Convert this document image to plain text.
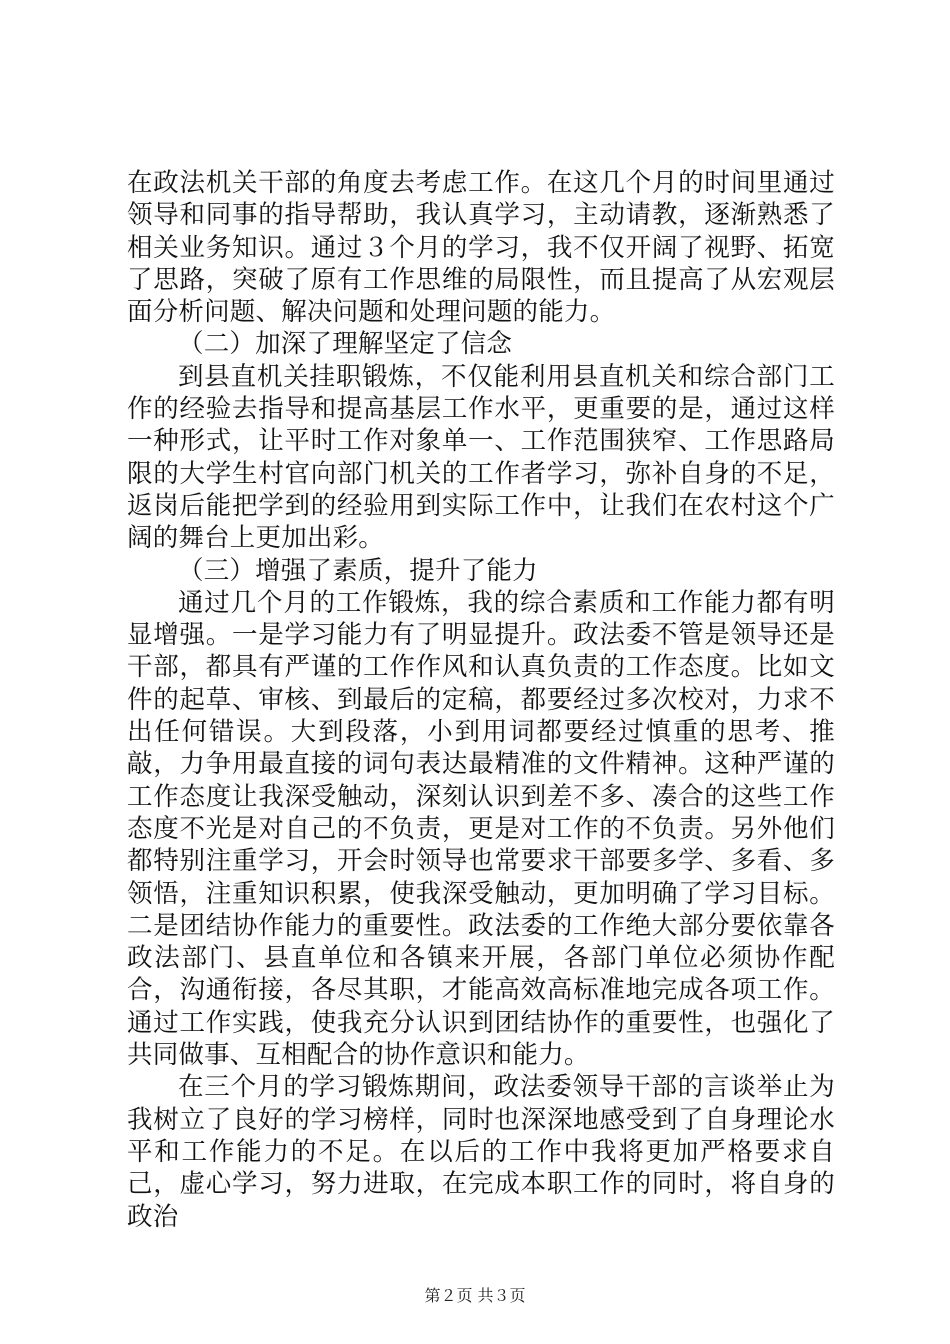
在政法机关干部的角度去考虑工作。在这几个月的时间里通过领导和同事的指导帮助，我认真学习，主动请教，逐渐熟悉了相关业务知识。通过３个月的学习，我不仅开阔了视野、拓宽了思路，突破了原有工作思维的局限性，而且提高了从宏观层面分析问题、解决问题和处理问题的能力。

（二）加深了理解坚定了信念

到县直机关挂职锻炼，不仅能利用县直机关和综合部门工作的经验去指导和提高基层工作水平，更重要的是，通过这样一种形式，让平时工作对象单一、工作范围狭窄、工作思路局限的大学生村官向部门机关的工作者学习，弥补自身的不足，返岗后能把学到的经验用到实际工作中，让我们在农村这个广阔的舞台上更加出彩。

（三）增强了素质，提升了能力

通过几个月的工作锻炼，我的综合素质和工作能力都有明显增强。一是学习能力有了明显提升。政法委不管是领导还是干部，都具有严谨的工作作风和认真负责的工作态度。比如文件的起草、审核、到最后的定稿，都要经过多次校对，力求不出任何错误。大到段落，小到用词都要经过慎重的思考、推敲，力争用最直接的词句表达最精准的文件精神。这种严谨的工作态度让我深受触动，深刻认识到差不多、凑合的这些工作态度不光是对自己的不负责，更是对工作的不负责。另外他们都特别注重学习，开会时领导也常要求干部要多学、多看、多领悟，注重知识积累，使我深受触动，更加明确了学习目标。二是团结协作能力的重要性。政法委的工作绝大部分要依靠各政法部门、县直单位和各镇来开展，各部门单位必须协作配合，沟通衔接，各尽其职，才能高效高标准地完成各项工作。通过工作实践，使我充分认识到团结协作的重要性，也强化了共同做事、互相配合的协作意识和能力。

在三个月的学习锻炼期间，政法委领导干部的言谈举止为我树立了良好的学习榜样，同时也深深地感受到了自身理论水平和工作能力的不足。在以后的工作中我将更加严格要求自己，虚心学习，努力进取，在完成本职工作的同时，将自身的政治

第２页 共３页
